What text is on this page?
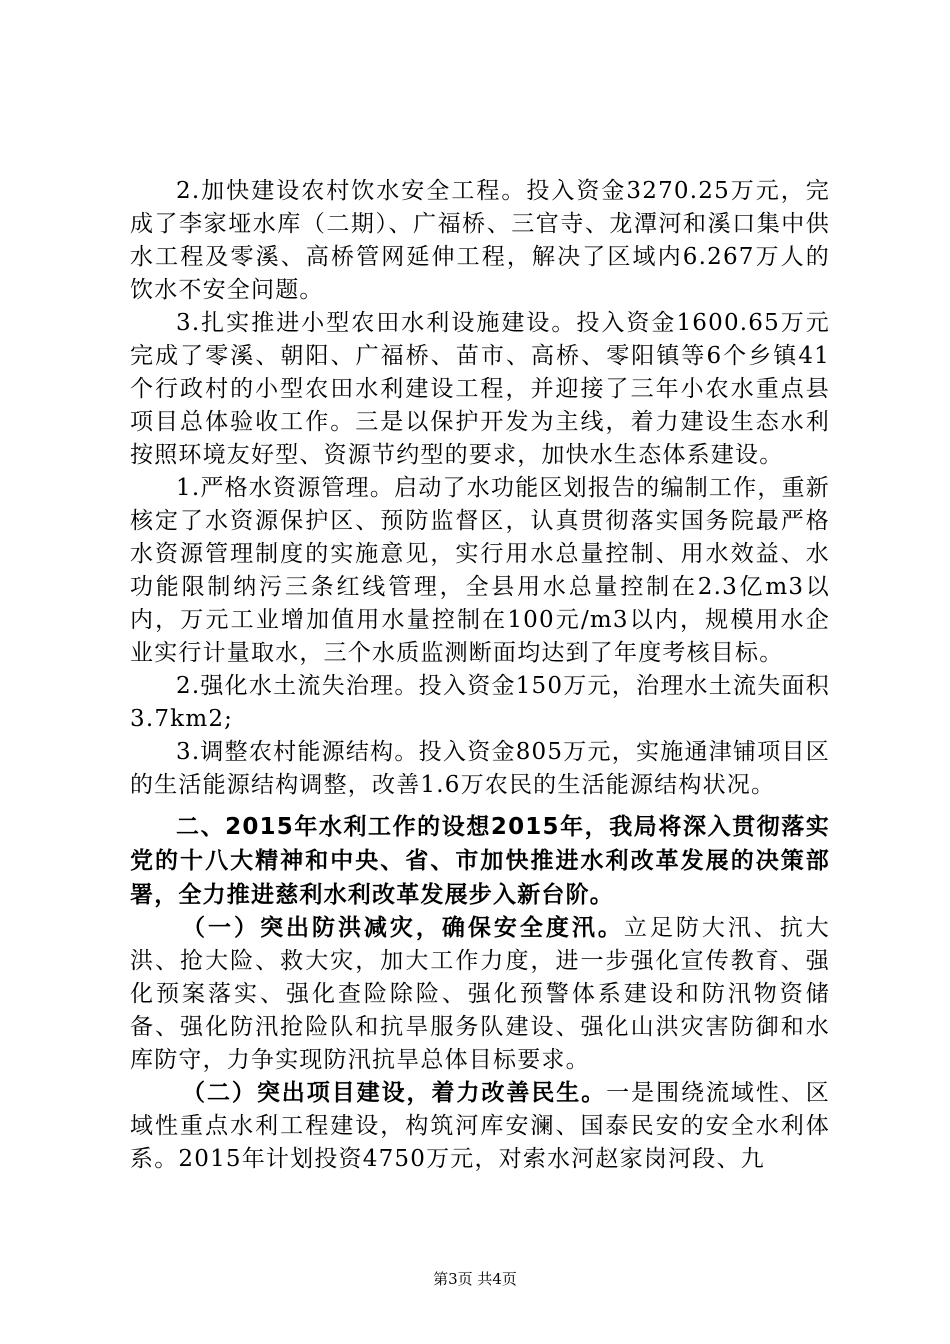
2.加快建设农村饮水安全工程。投入资金3270.25万元，完成了李家垭水库（二期）、广福桥、三官寺、龙潭河和溪口集中供水工程及零溪、高桥管网延伸工程，解决了区域内6.267万人的饮水不安全问题。

3.扎实推进小型农田水利设施建设。投入资金1600.65万元完成了零溪、朝阳、广福桥、苗市、高桥、零阳镇等6个乡镇41个行政村的小型农田水利建设工程，并迎接了三年小农水重点县项目总体验收工作。三是以保护开发为主线，着力建设生态水利按照环境友好型、资源节约型的要求，加快水生态体系建设。

1.严格水资源管理。启动了水功能区划报告的编制工作，重新核定了水资源保护区、预防监督区，认真贯彻落实国务院最严格水资源管理制度的实施意见，实行用水总量控制、用水效益、水功能限制纳污三条红线管理，全县用水总量控制在2.3亿m3以内，万元工业增加值用水量控制在100元/m3以内，规模用水企业实行计量取水，三个水质监测断面均达到了年度考核目标。

2.强化水土流失治理。投入资金150万元，治理水土流失面积3.7km2;

3.调整农村能源结构。投入资金805万元，实施通津铺项目区的生活能源结构调整，改善1.6万农民的生活能源结构状况。

二、2015年水利工作的设想2015年，我局将深入贯彻落实党的十八大精神和中央、省、市加快推进水利改革发展的决策部署，全力推进慈利水利改革发展步入新台阶。

（一）突出防洪减灾，确保安全度汛。立足防大汛、抗大洪、抢大险、救大灾，加大工作力度，进一步强化宣传教育、强化预案落实、强化查险除险、强化预警体系建设和防汛物资储备、强化防汛抢险队和抗旱服务队建设、强化山洪灾害防御和水库防守，力争实现防汛抗旱总体目标要求。

（二）突出项目建设，着力改善民生。一是围绕流域性、区域性重点水利工程建设，构筑河库安澜、国泰民安的安全水利体系。2015年计划投资4750万元，对索水河赵家岗河段、九

第3页 共4页
